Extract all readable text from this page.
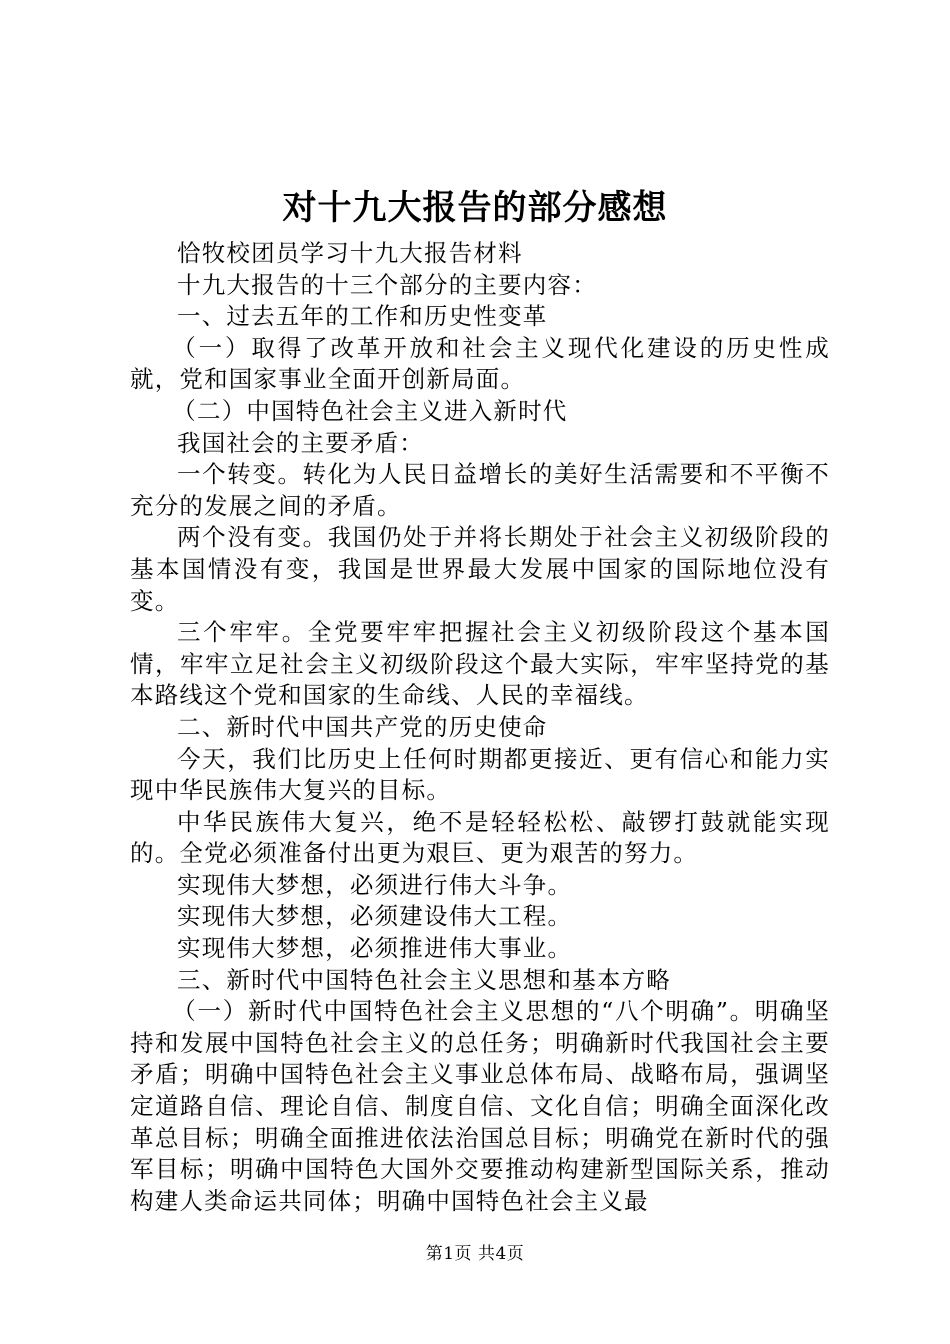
对十九大报告的部分感想

恰牧校团员学习十九大报告材料

十九大报告的十三个部分的主要内容：

一、过去五年的工作和历史性变革

（一）取得了改革开放和社会主义现代化建设的历史性成就，党和国家事业全面开创新局面。

（二）中国特色社会主义进入新时代

我国社会的主要矛盾：

一个转变。转化为人民日益增长的美好生活需要和不平衡不充分的发展之间的矛盾。

两个没有变。我国仍处于并将长期处于社会主义初级阶段的基本国情没有变，我国是世界最大发展中国家的国际地位没有变。

三个牢牢。全党要牢牢把握社会主义初级阶段这个基本国情，牢牢立足社会主义初级阶段这个最大实际，牢牢坚持党的基本路线这个党和国家的生命线、人民的幸福线。

二、新时代中国共产党的历史使命

今天，我们比历史上任何时期都更接近、更有信心和能力实现中华民族伟大复兴的目标。

中华民族伟大复兴，绝不是轻轻松松、敲锣打鼓就能实现的。全党必须准备付出更为艰巨、更为艰苦的努力。

实现伟大梦想，必须进行伟大斗争。

实现伟大梦想，必须建设伟大工程。

实现伟大梦想，必须推进伟大事业。

三、新时代中国特色社会主义思想和基本方略

（一）新时代中国特色社会主义思想的“八个明确”。明确坚持和发展中国特色社会主义的总任务；明确新时代我国社会主要矛盾；明确中国特色社会主义事业总体布局、战略布局，强调坚定道路自信、理论自信、制度自信、文化自信；明确全面深化改革总目标；明确全面推进依法治国总目标；明确党在新时代的强军目标；明确中国特色大国外交要推动构建新型国际关系，推动构建人类命运共同体；明确中国特色社会主义最

第1页 共4页
